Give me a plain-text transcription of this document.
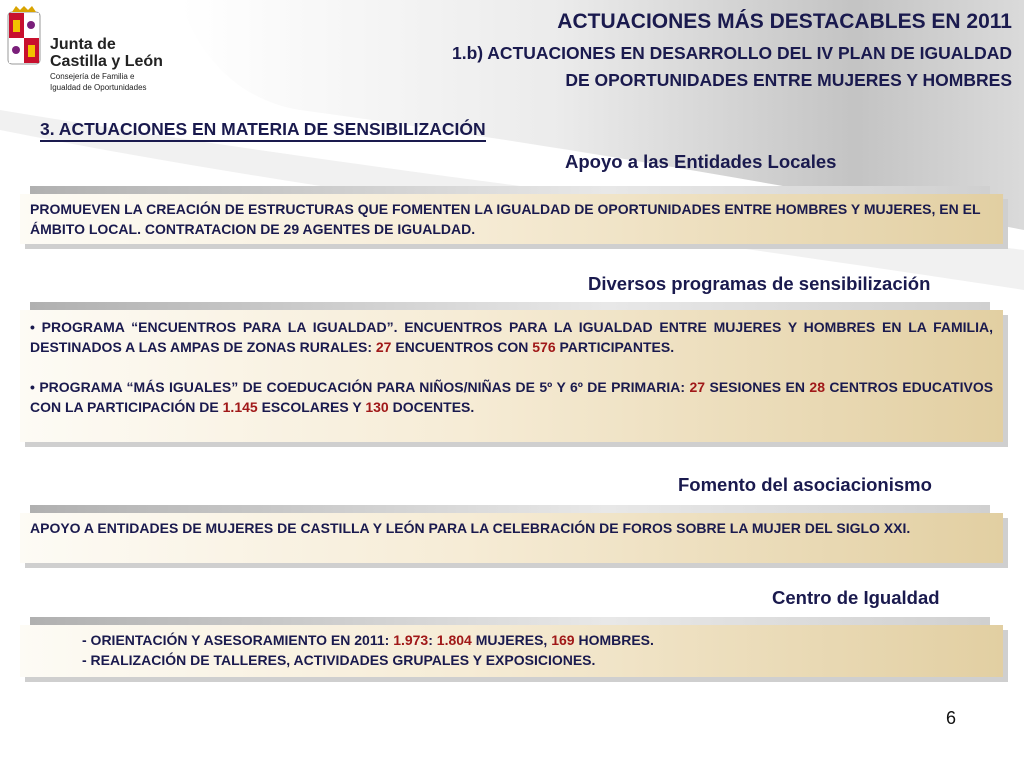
Junta de
Castilla y León
Consejería de Familia e
Igualdad de Oportunidades
ACTUACIONES MÁS DESTACABLES EN 2011
1.b) ACTUACIONES EN DESARROLLO DEL IV PLAN DE IGUALDAD
DE OPORTUNIDADES ENTRE MUJERES Y HOMBRES
3. ACTUACIONES EN MATERIA DE SENSIBILIZACIÓN
Apoyo a las Entidades Locales
PROMUEVEN LA CREACIÓN DE ESTRUCTURAS QUE FOMENTEN LA IGUALDAD DE OPORTUNIDADES ENTRE HOMBRES Y MUJERES, EN EL ÁMBITO LOCAL. CONTRATACION DE 29 AGENTES DE IGUALDAD.
Diversos programas de sensibilización
• PROGRAMA “ENCUENTROS PARA LA IGUALDAD”. ENCUENTROS PARA LA IGUALDAD ENTRE MUJERES Y HOMBRES EN LA FAMILIA, DESTINADOS A LAS AMPAS DE ZONAS RURALES: 27 ENCUENTROS CON 576 PARTICIPANTES.
• PROGRAMA “MÁS IGUALES” DE COEDUCACIÓN PARA NIÑOS/NIÑAS DE 5º Y 6º DE PRIMARIA: 27 SESIONES EN 28 CENTROS EDUCATIVOS CON LA PARTICIPACIÓN DE 1.145 ESCOLARES Y 130 DOCENTES.
Fomento del asociacionismo
APOYO A ENTIDADES DE MUJERES DE CASTILLA Y LEÓN PARA LA CELEBRACIÓN DE FOROS SOBRE LA MUJER DEL SIGLO XXI.
Centro de Igualdad
- ORIENTACIÓN Y ASESORAMIENTO EN 2011: 1.973: 1.804 MUJERES, 169 HOMBRES.
- REALIZACIÓN DE TALLERES, ACTIVIDADES GRUPALES Y EXPOSICIONES.
6
